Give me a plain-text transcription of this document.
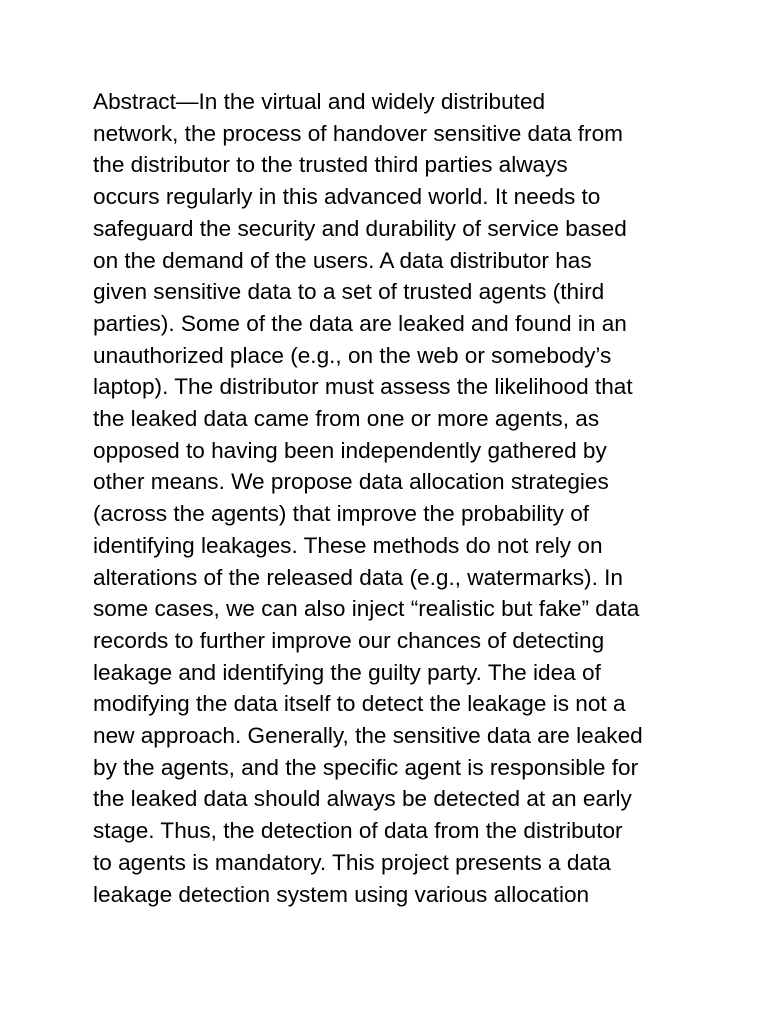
Abstract—In the virtual and widely distributed
network, the process of handover sensitive data from
the distributor to the trusted third parties always
occurs regularly in this advanced world. It needs to
safeguard the security and durability of service based
on the demand of the users. A data distributor has
given sensitive data to a set of trusted agents (third
parties). Some of the data are leaked and found in an
unauthorized place (e.g., on the web or somebody’s
laptop). The distributor must assess the likelihood that
the leaked data came from one or more agents, as
opposed to having been independently gathered by
other means. We propose data allocation strategies
(across the agents) that improve the probability of
identifying leakages. These methods do not rely on
alterations of the released data (e.g., watermarks). In
some cases, we can also inject “realistic but fake” data
records to further improve our chances of detecting
leakage and identifying the guilty party. The idea of
modifying the data itself to detect the leakage is not a
new approach. Generally, the sensitive data are leaked
by the agents, and the specific agent is responsible for
the leaked data should always be detected at an early
stage. Thus, the detection of data from the distributor
to agents is mandatory. This project presents a data
leakage detection system using various allocation
